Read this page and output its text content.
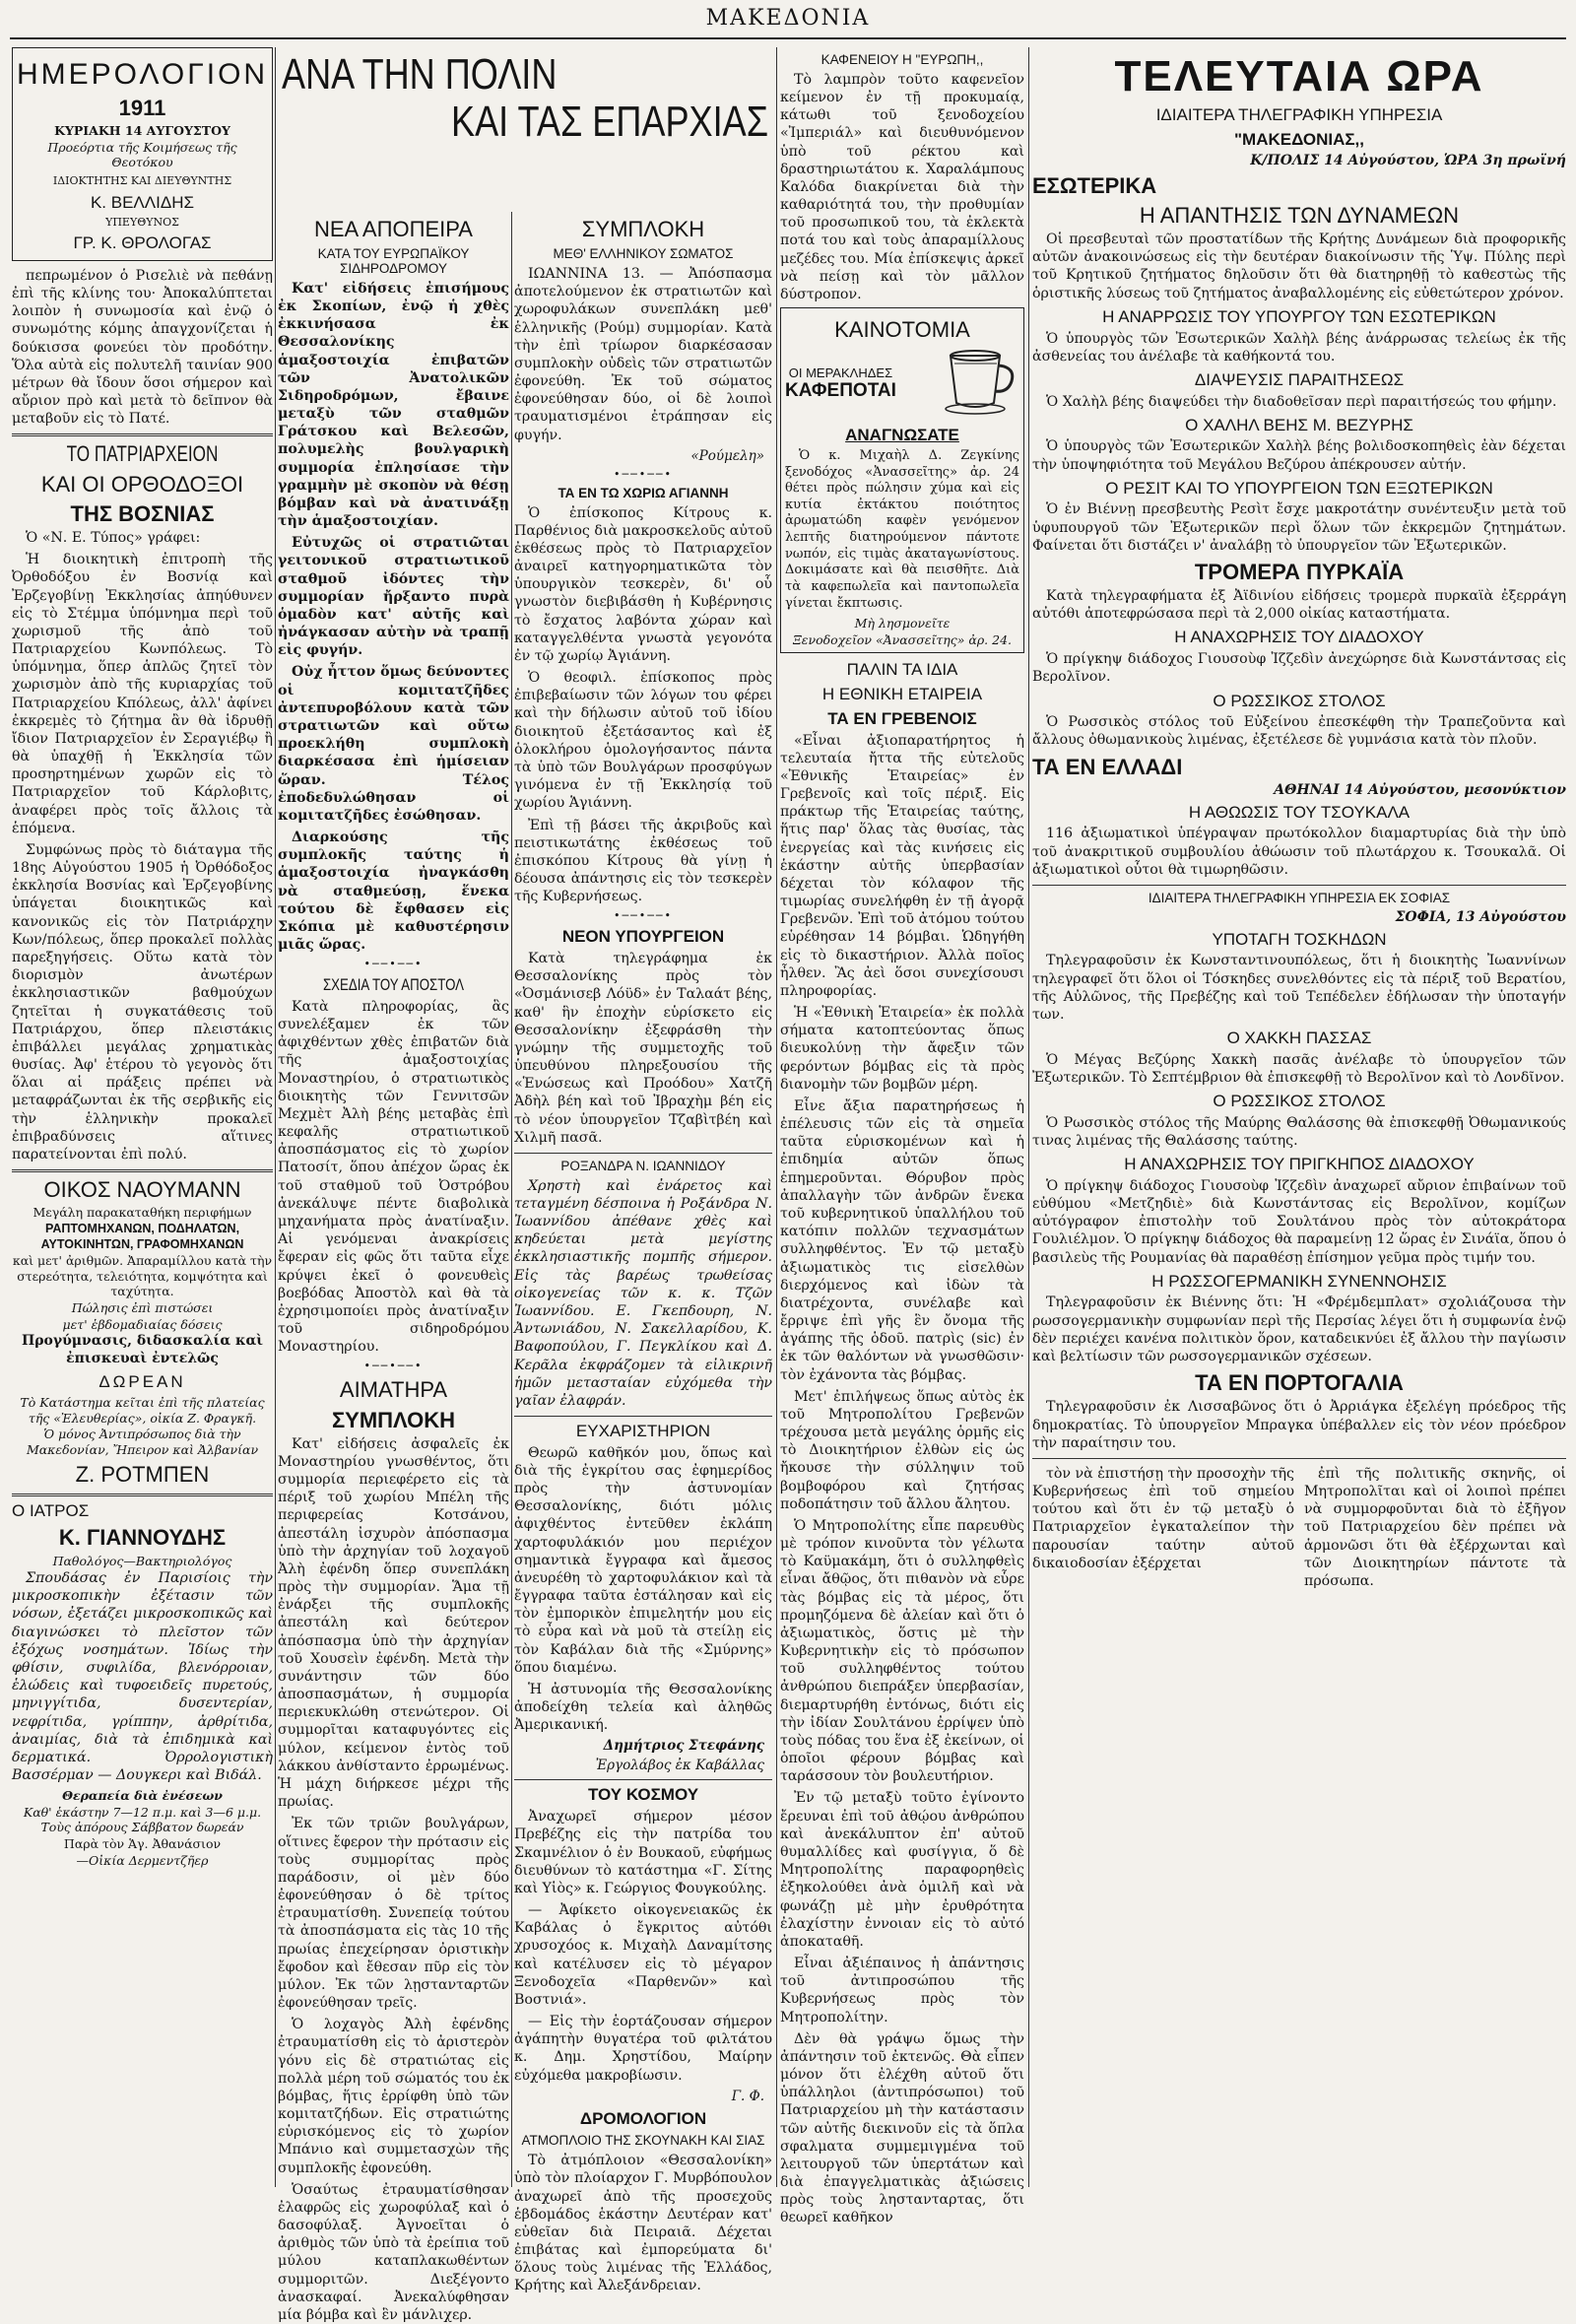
ΜΑΚΕΔΟΝΙΑ
ΗΜΕΡΟΛΟΓΙΟΝ
1911
ΚΥΡΙΑΚΗ 14 ΑΥΓΟΥΣΤΟΥ
Προεόρτια τῆς Κοιμήσεως τῆς Θεοτόκου
ΙΔΙΟΚΤΗΤΗΣ ΚΑΙ ΔΙΕΥΘΥΝΤΗΣ
Κ. ΒΕΛΛΙΔΗΣ
ΥΠΕΥΘΥΝΟΣ
ΓΡ. Κ. ΘΡΟΛΟΓΑΣ

πεπρωμένον ὁ Ρισελιὲ νὰ πεθάνῃ ἐπὶ τῆς κλίνης του· Ἀποκαλύπτεται λοιπὸν ἡ συνωμοσία καὶ ἐνῷ ὁ συνωμότης κόμης ἀπαγχονίζεται ἡ δούκισσα φονεύει τὸν προδότην. Ὅλα αὐτὰ εἰς πολυτελῆ ταινίαν 900 μέτρων θὰ ἴδουν ὅσοι σήμερον καὶ αὔριον πρὸ καὶ μετὰ τὸ δεῖπνον θὰ μεταβοῦν εἰς τὸ Πατέ.

ΤΟ ΠΑΤΡΙΑΡΧΕΙΟΝ
ΚΑΙ ΟΙ ΟΡΘΟΔΟΞΟΙ
ΤΗΣ ΒΟΣΝΙΑΣ

Ὁ «Ν. Ε. Τύπος» γράφει:

Ἡ διοικητικὴ ἐπιτροπὴ τῆς Ὀρθοδόξου ἐν Βοσνίᾳ καὶ Ἐρζεγοβίνῃ Ἐκκλησίας ἀπηύθυνεν εἰς τὸ Στέμμα ὑπόμνημα περὶ τοῦ χωρισμοῦ τῆς ἀπὸ τοῦ Πατριαρχείου Κωνπόλεως. Τὸ ὑπόμνημα, ὅπερ ἁπλῶς ζητεῖ τὸν χωρισμὸν ἀπὸ τῆς κυριαρχίας τοῦ Πατριαρχείου Κπόλεως, ἀλλ' ἀφίνει ἐκκρεμὲς τὸ ζήτημα ἂν θὰ ἱδρυθῇ ἴδιον Πατριαρχεῖον ἐν Σεραγιέβῳ ἢ θὰ ὑπαχθῇ ἡ Ἐκκλησία τῶν προσηρτημένων χωρῶν εἰς τὸ Πατριαρχεῖον τοῦ Κάρλοβιτς, ἀναφέρει πρὸς τοῖς ἄλλοις τὰ ἑπόμενα.

Συμφώνως πρὸς τὸ διάταγμα τῆς 18ης Αὐγούστου 1905 ἡ Ὀρθόδοξος ἐκκλησία Βοσνίας καὶ Ἐρζεγοβίνης ὑπάγεται διοικητικῶς καὶ κανονικῶς εἰς τὸν Πατριάρχην Κων/πόλεως, ὅπερ προκαλεῖ πολλὰς παρεξηγήσεις. Οὕτω κατὰ τὸν διορισμὸν ἀνωτέρων ἐκκλησιαστικῶν βαθμούχων ζητεῖται ἡ συγκατάθεσις τοῦ Πατριάρχου, ὅπερ πλειστάκις ἐπιβάλλει μεγάλας χρηματικὰς θυσίας. Ἀφ' ἑτέρου τὸ γεγονὸς ὅτι ὅλαι αἱ πράξεις πρέπει νὰ μεταφράζωνται ἐκ τῆς σερβικῆς εἰς τὴν ἑλληνικὴν προκαλεῖ ἐπιβραδύνσεις αἵτινες παρατείνονται ἐπὶ πολύ.

ΟΙΚΟΣ ΝΑΟΥΜΑΝΝ
Μεγάλη παρακαταθήκη περιφήμων
ΡΑΠΤΟΜΗΧΑΝΩΝ, ΠΟΔΗΛΑΤΩΝ, ΑΥΤΟΚΙΝΗΤΩΝ, ΓΡΑΦΟΜΗΧΑΝΩΝ
καὶ μετ' ἀριθμῶν. Ἀπαραμίλλου κατὰ τὴν στερεότητα, τελειότητα, κομψότητα καὶ ταχύτητα.
Πώλησις ἐπὶ πιστώσει
μετ' ἑβδομαδιαίας δόσεις
Προγύμνασις, διδασκαλία καὶ ἐπισκευαὶ ἐντελῶς
ΔΩΡΕΑΝ
Τὸ Κατάστημα κεῖται ἐπὶ τῆς πλατείας τῆς «Ἐλευθερίας», οἰκία Ζ. Φραγκῆ.
Ὁ μόνος Ἀντιπρόσωπος διὰ τὴν Μακεδονίαν, Ἤπειρον καὶ Ἀλβανίαν
Ζ. ΡΟΤΜΠΕΝ
Ο ΙΑΤΡΟΣ
Κ. ΓΙΑΝΝΟΥΔΗΣ
Παθολόγος—Βακτηριολόγος

Σπουδάσας ἐν Παρισίοις τὴν μικροσκοπικὴν ἐξέτασιν τῶν νόσων, ἐξετάζει μικροσκοπικῶς καὶ διαγινώσκει τὸ πλεῖστον τῶν ἐξόχως νοσημάτων. Ἰδίως τὴν φθίσιν, συφιλίδα, βλενόρροιαν, ἑλώδεις καὶ τυφοειδεῖς πυρετούς, μηνιγγίτιδα, δυσεντερίαν, νεφρίτιδα, γρίππην, ἀρθρίτιδα, ἀναιμίας, διὰ τὰ ἐπιδημικὰ καὶ δερματικά. Ὀρρολογιστικὴ Βασσέρμαν — Δουγκερι καὶ Βιδάλ.

Θεραπεία διὰ ἐνέσεων
Καθ' ἑκάστην 7—12 π.μ. καὶ 3—6 μ.μ. Τοὺς ἀπόρους Σάββατον δωρεάν
Παρὰ τὸν Ἁγ. Ἀθανάσιον
—Οἰκία Δερμεντζῆερ
ΑΝΑ ΤΗΝ ΠΟΛΙΝ
ΚΑΙ ΤΑΣ ΕΠΑΡΧΙΑΣ
ΝΕΑ ΑΠΟΠΕΙΡΑ
ΚΑΤΑ ΤΟΥ ΕΥΡΩΠΑΪΚΟΥ ΣΙΔΗΡΟΔΡΟΜΟΥ

Κατ' εἰδήσεις ἐπισήμους ἐκ Σκοπίων, ἐνῷ ἡ χθὲς ἐκκινήσασα ἐκ Θεσσαλονίκης ἁμαξοστοιχία ἐπιβατῶν τῶν Ἀνατολικῶν Σιδηροδρόμων, ἔβαινε μεταξὺ τῶν σταθμῶν Γράτσκου καὶ Βελεσῶν, πολυμελὴς βουλγαρικὴ συμμορία ἐπλησίασε τὴν γραμμὴν μὲ σκοπὸν νὰ θέσῃ βόμβαν καὶ νὰ ἀνατινάξῃ τὴν ἁμαξοστοιχίαν.

Εὐτυχῶς οἱ στρατιῶται γειτονικοῦ στρατιωτικοῦ σταθμοῦ ἰδόντες τὴν συμμορίαν ἤρξαντο πυρὰ ὁμαδὸν κατ' αὐτῆς καὶ ἠνάγκασαν αὐτὴν νὰ τραπῇ εἰς φυγήν.

Οὐχ ἧττον ὅμως δεύνοντες οἱ κομιτατζῆδες ἀντεπυροβόλουν κατὰ τῶν στρατιωτῶν καὶ οὕτω προεκλήθη συμπλοκὴ διαρκέσασα ἐπὶ ἡμίσειαν ὥραν. Τέλος ἐποδεδυλώθησαν οἱ κομιτατζῆδες ἐσώθησαν.

Διαρκούσης τῆς συμπλοκῆς ταύτης ἡ ἁμαξοστοιχία ἠναγκάσθη νὰ σταθμεύσῃ, ἕνεκα τούτου δὲ ἔφθασεν εἰς Σκόπια μὲ καθυστέρησιν μιᾶς ὥρας.

•──•──•
ΣΧΕΔΙΑ ΤΟΥ ΑΠΟΣΤΟΛ

Κατὰ πληροφορίας, ἃς συνελέξαμεν ἐκ τῶν ἀφιχθέντων χθὲς ἐπιβατῶν διὰ τῆς ἁμαξοστοιχίας Μοναστηρίου, ὁ στρατιωτικὸς διοικητὴς τῶν Γεννιτσῶν Μεχμὲτ Ἀλὴ βέης μεταβὰς ἐπὶ κεφαλῆς στρατιωτικοῦ ἀποσπάσματος εἰς τὸ χωρίον Πατοσίτ, ὅπου ἀπέχον ὥρας ἐκ τοῦ σταθμοῦ τοῦ Ὀστρόβου ἀνεκάλυψε πέντε διαβολικὰ μηχανήματα πρὸς ἀνατίναξιν. Αἱ γενόμεναι ἀνακρίσεις ἔφεραν εἰς φῶς ὅτι ταῦτα εἶχε κρύψει ἐκεῖ ὁ φονευθεὶς βοεβόδας Ἀποστὸλ καὶ θὰ τὰ ἐχρησιμοποίει πρὸς ἀνατίναξιν τοῦ σιδηροδρόμου Μοναστηρίου.

•──•──•
ΑΙΜΑΤΗΡΑ
ΣΥΜΠΛΟΚΗ

Κατ' εἰδήσεις ἀσφαλεῖς ἐκ Μοναστηρίου γνωσθέντος, ὅτι συμμορία περιεφέρετο εἰς τὰ πέριξ τοῦ χωρίου Μπέλη τῆς περιφερείας Κοτσάνου, ἀπεστάλη ἰσχυρὸν ἀπόσπασμα ὑπὸ τὴν ἀρχηγίαν τοῦ λοχαγοῦ Ἀλὴ ἐφένδη ὅπερ συνεπλάκη πρὸς τὴν συμμορίαν. Ἅμα τῇ ἐνάρξει τῆς συμπλοκῆς ἀπεστάλη καὶ δεύτερον ἀπόσπασμα ὑπὸ τὴν ἀρχηγίαν τοῦ Χουσεὶν ἐφένδη. Μετὰ τὴν συνάντησιν τῶν δύο ἀποσπασμάτων, ἡ συμμορία περιεκυκλώθη στενώτερον. Οἱ συμμορῖται καταφυγόντες εἰς μύλον, κείμενον ἐντὸς τοῦ λάκκου ἀνθίσταντο ἐρρωμένως. Ἡ μάχη διήρκεσε μέχρι τῆς πρωίας.

Ἐκ τῶν τριῶν βουλγάρων, οἵτινες ἔφερον τὴν πρότασιν εἰς τοὺς συμμορίτας πρὸς παράδοσιν, οἱ μὲν δύο ἐφονεύθησαν ὁ δὲ τρίτος ἐτραυματίσθη. Συνεπείᾳ τούτου τὰ ἀποσπάσματα εἰς τὰς 10 τῆς πρωίας ἐπεχείρησαν ὀριστικὴν ἔφοδον καὶ ἔθεσαν πῦρ εἰς τὸν μύλον. Ἐκ τῶν λῃστανταρτῶν ἐφονεύθησαν τρεῖς.

Ὁ λοχαγὸς Ἀλὴ ἐφένδης ἐτραυματίσθη εἰς τὸ ἀριστερὸν γόνυ εἰς δὲ στρατιώτας εἰς πολλὰ μέρη τοῦ σώματός του ἐκ βόμβας, ἥτις ἐρρίφθη ὑπὸ τῶν κομιτατζήδων. Εἰς στρατιώτης εὑρισκόμενος εἰς τὸ χωρίον Μπάνιο καὶ συμμετασχὼν τῆς συμπλοκῆς ἐφονεύθη.

Ὁσαύτως ἐτραυματίσθησαν ἐλαφρῶς εἰς χωροφύλαξ καὶ ὁ δασοφύλαξ. Ἀγνοεῖται ὁ ἀριθμὸς τῶν ὑπὸ τὰ ἐρείπια τοῦ μύλου καταπλακωθέντων συμμοριτῶν. Διεξέγοντο ἀνασκαφαί. Ἀνεκαλύφθησαν μία βόμβα καὶ ἓν μάνλιχερ.

ΣΥΜΠΛΟΚΗ
ΜΕΘ' ΕΛΛΗΝΙΚΟΥ ΣΩΜΑΤΟΣ

ΙΩΑΝΝΙΝΑ 13. — Ἀπόσπασμα ἀποτελούμενον ἐκ στρατιωτῶν καὶ χωροφυλάκων συνεπλάκη μεθ' ἑλληνικῆς (Ρούμ) συμμορίαν. Κατὰ τὴν ἐπὶ τρίωρον διαρκέσασαν συμπλοκὴν οὐδεὶς τῶν στρατιωτῶν ἐφονεύθη. Ἐκ τοῦ σώματος ἐφονεύθησαν δύο, οἱ δὲ λοιποὶ τραυματισμένοι ἐτράπησαν εἰς φυγήν.

«Ρούμελη»
•──•──•
ΤΑ ΕΝ ΤΩ ΧΩΡΙΩ ΑΓΙΑΝΝΗ

Ὁ ἐπίσκοπος Κίτρους κ. Παρθένιος διὰ μακροσκελοῦς αὐτοῦ ἐκθέσεως πρὸς τὸ Πατριαρχεῖον ἀναιρεῖ κατηγορηματικῶτα τὸν ὑπουργικὸν τεσκερὲν, δι' οὗ γνωστὸν διεβιβάσθη ἡ Κυβέρνησις τὸ ἔσχατος λαβόντα χώραν καὶ καταγγελθέντα γνωστὰ γεγονότα ἐν τῷ χωρίῳ Ἀγιάννη.

Ὁ θεοφιλ. ἐπίσκοπος πρὸς ἐπιβεβαίωσιν τῶν λόγων του φέρει καὶ τὴν δήλωσιν αὐτοῦ τοῦ ἰδίου διοικητοῦ ἐξετάσαντος καὶ ἐξ ὁλοκλήρου ὁμολογήσαντος πάντα τὰ ὑπὸ τῶν Βουλγάρων προσφύγων γινόμενα ἐν τῇ Ἐκκλησίᾳ τοῦ χωρίου Ἁγιάννη.

Ἐπὶ τῇ βάσει τῆς ἀκριβοῦς καὶ πειστικωτάτης ἐκθέσεως τοῦ ἐπισκόπου Κίτρους θὰ γίνῃ ἡ δέουσα ἀπάντησις εἰς τὸν τεσκερὲν τῆς Κυβερνήσεως.

•──•──•
ΝΕΟΝ ΥΠΟΥΡΓΕΙΟΝ

Κατὰ τηλεγράφημα ἐκ Θεσσαλονίκης πρὸς τὸν «Ὀσμάνισεβ Λόϋδ» ἐν Ταλαάτ βέης, καθ' ἣν ἐποχὴν εὑρίσκετο εἰς Θεσσαλονίκην ἐξεφράσθη τὴν γνώμην τῆς συμμετοχῆς τοῦ ὑπευθύνου πληρεξουσίου τῆς «Ἑνώσεως καὶ Προόδου» Χατζῆ Ἀδὴλ βέη καὶ τοῦ Ἰβραχὴμ βέη εἰς τὸ νέον ὑπουργεῖον Τζαβὶτβέη καὶ Χιλμῆ πασᾶ.

ΡΟΞΑΝΔΡΑ Ν. ΙΩΑΝΝΙΔΟΥ

Χρηστὴ καὶ ἐνάρετος καὶ τεταγμένη δέσποινα ἡ Ροξάνδρα Ν. Ἰωαννίδου ἀπέθανε χθὲς καὶ κηδεύεται μετὰ μεγίστης ἐκκλησιαστικῆς πομπῆς σήμερον. Εἰς τὰς βαρέως τρωθείσας οἰκογενείας τῶν κ. κ. Τζῶν Ἰωαννίδου. Ε. Γκεπδουρη, Ν. Ἀντωνιάδου, Ν. Σακελλαρίδου, Κ. Βαφοπούλου, Γ. Πεγκλίκου καὶ Δ. Κερᾶλα ἐκφράζομεν τὰ εἰλικρινῆ ἡμῶν μετασταίαν εὐχόμεθα τὴν γαῖαν ἐλαφράν.

ΕΥΧΑΡΙΣΤΗΡΙΟΝ

Θεωρῶ καθῆκόν μου, ὅπως καὶ διὰ τῆς ἐγκρίτου σας ἐφημερίδος πρὸς τὴν ἀστυνομίαν Θεσσαλονίκης, διότι μόλις ἀφιχθέντος ἐντεῦθεν ἐκλάπη χαρτοφυλάκιόν μου περιέχον σημαντικὰ ἔγγραφα καὶ ἄμεσος ἀνευρέθη τὸ χαρτοφυλάκιον καὶ τὰ ἔγγραφα ταῦτα ἐστάλησαν καὶ εἰς τὸν ἐμπορικὸν ἐπιμελητήν μου εἰς τὸ εὖρα καὶ νὰ μοῦ τὰ στείλῃ εἰς τὸν Καβάλαν διὰ τῆς «Σμύρνης» ὅπου διαμένω.

Ἡ ἀστυνομία τῆς Θεσσαλονίκης ἀποδείχθη τελεία καὶ ἀληθῶς Ἀμερικανική.

Δημήτριος Στεφάνης
Ἐργολάβος ἐκ Καβάλλας
ΤΟΥ ΚΟΣΜΟΥ

Ἀναχωρεῖ σήμερον μέσον Πρεβέζης εἰς τὴν πατρίδα του Σκαμνέλιον ὁ ἐν Βουκαοῦ, εὐφήμως διευθύνων τὸ κατάστημα «Γ. Σίτης καὶ Υἱὸς» κ. Γεώργιος Φουγκούλης.

— Ἀφίκετο οἰκογενειακῶς ἐκ Καβάλας ὁ ἔγκριτος αὐτόθι χρυσοχόος κ. Μιχαὴλ Δαναμίτσης καὶ κατέλυσεν εἰς τὸ μέγαρον Ξενοδοχεῖα «Παρθενῶν» καὶ Βοστνιά».

— Εἰς τὴν ἑορτάζουσαν σήμερον ἀγάπητὴν θυγατέρα τοῦ φιλτάτου κ. Δημ. Χρηστίδου, Μαίρην εὐχόμεθα μακροβίωσιν.

Γ. Φ.
ΔΡΟΜΟΛΟΓΙΟΝ
ΑΤΜΟΠΛΟΙΟ ΤΗΣ ΣΚΟΥΝΑΚΗ ΚΑΙ ΣΙΑΣ

Τὸ ἀτμόπλοιον «Θεσσαλονίκη» ὑπὸ τὸν πλοίαρχον Γ. Μυρβόπουλον ἀναχωρεῖ ἀπὸ τῆς προσεχοῦς ἑβδομάδος ἑκάστην Δευτέραν κατ' εὐθεῖαν διὰ Πειραιᾶ. Δέχεται ἐπιβάτας καὶ ἐμπορεύματα δι' ὅλους τοὺς λιμένας τῆς Ἑλλάδος, Κρήτης καὶ Ἀλεξάνδρειαν.

ΚΑΦΕΝΕΙΟΥ Η "ΕΥΡΩΠΗ,,

Τὸ λαμπρὸν τοῦτο καφενεῖον κείμενον ἐν τῇ προκυμαίᾳ, κάτωθι τοῦ ξενοδοχείου «Ἰμπεριάλ» καὶ διευθυνόμενον ὑπὸ τοῦ ρέκτου καὶ δραστηριωτάτου κ. Χαραλάμπους Καλόδα διακρίνεται διὰ τὴν καθαριότητά του, τὴν προθυμίαν τοῦ προσωπικοῦ του, τὰ ἐκλεκτὰ ποτά του καὶ τοὺς ἀπαραμίλλους μεζέδες του. Μία ἐπίσκεψις ἀρκεῖ νὰ πείσῃ καὶ τὸν μᾶλλον δύστροπον.

ΚΑΙΝΟΤΟΜΙΑ
ΟΙ ΜΕΡΑΚΛΗΔΕΣ
ΚΑΦΕΠΟΤΑΙ
ΑΝΑΓΝΩΣΑΤΕ

Ὁ κ. Μιχαὴλ Δ. Ζεγκίνης ξενοδόχος «Ἀνασσεῖτης» ἀρ. 24 θέτει πρὸς πώλησιν χύμα καὶ εἰς κυτία ἐκτάκτου ποιότητος ἀρωματώδη καφὲν γενόμενον λεπτῆς διατηρούμενον πάντοτε νωπόν, εἰς τιμὰς ἀκαταγωνίστους. Δοκιμάσατε καὶ θὰ πεισθῆτε. Διὰ τὰ καφεπωλεῖα καὶ παντοπωλεῖα γίνεται ἔκπτωσις.

Μὴ λησμονεῖτε
Ξενοδοχεῖον «Ἀνασσεῖτης» ἀρ. 24.
ΠΑΛΙΝ ΤΑ ΙΔΙΑ
Η ΕΘΝΙΚΗ ΕΤΑΙΡΕΙΑ
ΤΑ ΕΝ ΓΡΕΒΕΝΟΙΣ

«Εἶναι ἀξιοπαρατήρητος ἡ τελευταία ἤττα τῆς εὐτελοῦς «Ἐθνικῆς Ἑταιρείας» ἐν Γρεβενοῖς καὶ τοῖς πέριξ. Εἰς πράκτωρ τῆς Ἑταιρείας ταύτης, ἥτις παρ' ὅλας τὰς θυσίας, τὰς ἐνεργείας καὶ τὰς κινήσεις εἰς ἑκάστην αὐτῆς ὑπερβασίαν δέχεται τὸν κόλαφον τῆς τιμωρίας συνελήφθη ἐν τῇ ἀγορᾷ Γρεβενῶν. Ἐπὶ τοῦ ἀτόμου τούτου εὑρέθησαν 14 βόμβαι. Ὡδηγήθη εἰς τὸ δικαστήριον. Ἀλλὰ ποῖος ἦλθεν. Ἂς ἀεὶ ὅσοι συνεχίσουσι πληροφορίας.

Ἡ «Ἐθνικὴ Ἑταιρεία» ἐκ πολλὰ σήματα κατοπτεύοντας ὅπως διευκολύνῃ τὴν ἄφεξιν τῶν φερόντων βόμβας εἰς τὰ πρὸς διανομὴν τῶν βομβῶν μέρη.

Εἶνε ἄξια παρατηρήσεως ἡ ἐπέλευσις τῶν εἰς τὰ σημεῖα ταῦτα εὑρισκομένων καὶ ἡ ἐπιδημία αὐτῶν ὅπως ἐπημεροῦνται. Θόρυβον πρὸς ἀπαλλαγὴν τῶν ἀνδρῶν ἔνεκα τοῦ κυβερνητικοῦ ὑπαλλήλου τοῦ κατόπιν πολλῶν τεχνασμάτων συλληφθέντος. Ἐν τῷ μεταξὺ ἀξιωματικὸς τις εἰσελθὼν διερχόμενος καὶ ἰδὼν τὰ διατρέχοντα, συνέλαβε καὶ ἔρριψε ἐπὶ γῆς ἓν ὄνομα τῆς ἀγάπης τῆς ὁδοῦ. πατρὶς (sic) ἐν ἐκ τῶν θαλόντων νὰ γνωσθῶσιν· τὸν ἐχάνοντα τὰς βόμβας.

Μετ' ἐπιλήψεως ὅπως αὐτὸς ἐκ τοῦ Μητροπολίτου Γρεβενῶν τρέχουσα μετὰ μεγάλης ὁρμῆς εἰς τὸ Διοικητήριον ἐλθὼν εἰς ὡς ἤκουσε τὴν σύλληψιν τοῦ βομβοφόρου καὶ ζητήσας ποδοπάτησιν τοῦ ἄλλου ἄλητου.

Ὁ Μητροπολίτης εἶπε παρευθὺς μὲ τρόπον κινοῦντα τὸν γέλωτα τὸ Καϋμακάμη, ὅτι ὁ συλληφθεὶς εἶναι ἄθῷος, ὅτι πιθανὸν νὰ εὗρε τὰς βόμβας εἰς τὰ μέρος, ὅτι προμηζόμενα δὲ ἀλείαν καὶ ὅτι ὁ ἀξιωματικὸς, ὅστις μὲ τὴν Κυβερνητικὴν εἰς τὸ πρόσωπον τοῦ συλληφθέντος τούτου ἀνθρώπου διεπράξεν ὑπερβασίαν, διεμαρτυρήθη ἐντόνως, διότι εἰς τὴν ἰδίαν Σουλτάνου ἐρρίψεν ὑπὸ τοὺς πόδας του ἕνα ἐξ ἐκείνων, οἱ ὁποῖοι φέρουν βόμβας καὶ ταράσσουν τὸν βουλευτήριον.

Ἐν τῷ μεταξὺ τοῦτο ἐγίνοντο ἔρευναι ἐπὶ τοῦ ἀθῴου ἀνθρώπου καὶ ἀνεκάλυπτον ἐπ' αὐτοῦ θυμαλλίδες καὶ φυσίγγια, ὅ δὲ Μητροπολίτης παραφορηθεὶς ἐξηκολούθει ἀνὰ ὁμιλῆ καὶ νὰ φωνάζῃ μὲ μὴν ἐρυθρότητα ἐλαχίστην ἐννοιαν εἰς τὸ αὐτό ἀποκαταθῆ.

Εἶναι ἀξιέπαινος ἡ ἀπάντησις τοῦ ἀντιπροσώπου τῆς Κυβερνήσεως πρὸς τὸν Μητροπολίτην.

Δὲν θὰ γράψω ὅμως τὴν ἀπάντησιν τοῦ ἐκτενῶς. Θὰ εἶπεν μόνον ὅτι ἐλέχθη αὐτοῦ ὅτι ὑπάλληλοι (ἀντιπρόσωποι) τοῦ Πατριαρχείου μὴ τὴν κατάστασιν τῶν αὐτῆς διεκινοῦν εἰς τὰ ὅπλα σφαλματα συμμεμιγμένα τοῦ λειτουργοῦ τῶν ὑπερτάτων καὶ διὰ ἐπαγγελματικὰς ἀξιώσεις πρὸς τοὺς ληστανταρτας, ὅτι θεωρεῖ καθῆκον

ΤΕΛΕΥΤΑΙΑ ΩΡΑ
ΙΔΙΑΙΤΕΡΑ ΤΗΛΕΓΡΑΦΙΚΗ ΥΠΗΡΕΣΙΑ
"ΜΑΚΕΔΟΝΙΑΣ,,
Κ/ΠΟΛΙΣ 14 Αὐγούστου, ὩΡΑ 3η πρωϊνή
ΕΣΩΤΕΡΙΚΑ
Η ΑΠΑΝΤΗΣΙΣ ΤΩΝ ΔΥΝΑΜΕΩΝ

Οἱ πρεσβευταὶ τῶν προστατίδων τῆς Κρήτης Δυνάμεων διὰ προφορικῆς αὐτῶν ἀνακοινώσεως εἰς τὴν δευτέραν διακοίνωσιν τῆς Ὑψ. Πύλης περὶ τοῦ Κρητικοῦ ζητήματος δηλοῦσιν ὅτι θὰ διατηρηθῇ τὸ καθεστὼς τῆς ὁριστικῆς λύσεως τοῦ ζητήματος ἀναβαλλομένης εἰς εὐθετώτερον χρόνον.

Η ΑΝΑΡΡΩΣΙΣ ΤΟΥ ΥΠΟΥΡΓΟΥ ΤΩΝ ΕΣΩΤΕΡΙΚΩΝ

Ὁ ὑπουργὸς τῶν Ἐσωτερικῶν Χαλὴλ βέης ἀνάρρωσας τελείως ἐκ τῆς ἀσθενείας του ἀνέλαβε τὰ καθήκοντά του.

ΔΙΑΨΕΥΣΙΣ ΠΑΡΑΙΤΗΣΕΩΣ

Ὁ Χαλὴλ βέης διαψεύδει τὴν διαδοθεῖσαν περὶ παραιτήσεώς του φήμην.

Ο ΧΑΛΗΛ ΒΕΗΣ Μ. ΒΕΖΥΡΗΣ

Ὁ ὑπουργὸς τῶν Ἐσωτερικῶν Χαλὴλ βέης βολιδοσκοπηθεὶς ἐὰν δέχεται τὴν ὑποψηφιότητα τοῦ Μεγάλου Βεζύρου ἀπέκρουσεν αὐτήν.

Ο ΡΕΣΙΤ ΚΑΙ ΤΟ ΥΠΟΥΡΓΕΙΟΝ ΤΩΝ ΕΞΩΤΕΡΙΚΩΝ

Ὁ ἐν Βιέννῃ πρεσβευτὴς Ρεσὶτ ἔσχε μακροτάτην συνέντευξιν μετὰ τοῦ ὑφυπουργοῦ τῶν Ἐξωτερικῶν περὶ ὅλων τῶν ἐκκρεμῶν ζητημάτων. Φαίνεται ὅτι διστάζει ν' ἀναλάβῃ τὸ ὑπουργεῖον τῶν Ἐξωτερικῶν.

ΤΡΟΜΕΡΑ ΠΥΡΚΑΪΑ

Κατὰ τηλεγραφήματα ἐξ Ἀϊδινίου εἰδήσεις τρομερὰ πυρκαϊὰ ἐξερράγη αὐτόθι ἀποτεφρώσασα περὶ τὰ 2,000 οἰκίας καταστήματα.

Η ΑΝΑΧΩΡΗΣΙΣ ΤΟΥ ΔΙΑΔΟΧΟΥ

Ὁ πρίγκηψ διάδοχος Γιουσοὺφ Ἰζζεδὶν ἀνεχώρησε διὰ Κωνστάντσας εἰς Βερολῖνον.

Ο ΡΩΣΣΙΚΟΣ ΣΤΟΛΟΣ

Ὁ Ρωσσικὸς στόλος τοῦ Εὐξείνου ἐπεσκέφθη τὴν Τραπεζοῦντα καὶ ἄλλους ὀθωμανικοὺς λιμένας, ἐξετέλεσε δὲ γυμνάσια κατὰ τὸν πλοῦν.

ΤΑ ΕΝ ΕΛΛΑΔΙ
ΑΘΗΝΑΙ 14 Αὐγούστου, μεσονύκτιον
Η ΑΘΩΩΣΙΣ ΤΟΥ ΤΣΟΥΚΑΛΑ

116 ἀξιωματικοὶ ὑπέγραψαν πρωτόκολλον διαμαρτυρίας διὰ τὴν ὑπὸ τοῦ ἀνακριτικοῦ συμβουλίου ἀθώωσιν τοῦ πλωτάρχου κ. Τσουκαλᾶ. Οἱ ἀξιωματικοὶ οὗτοι θὰ τιμωρηθῶσιν.

ΙΔΙΑΙΤΕΡΑ ΤΗΛΕΓΡΑΦΙΚΗ ΥΠΗΡΕΣΙΑ ΕΚ ΣΟΦΙΑΣ
ΣΟΦΙΑ, 13 Αὐγούστου
ΥΠΟΤΑΓΗ ΤΟΣΚΗΔΩΝ

Τηλεγραφοῦσιν ἐκ Κωνσταντινουπόλεως, ὅτι ἡ διοικητὴς Ἰωαννίνων τηλεγραφεῖ ὅτι ὅλοι οἱ Τόσκηδες συνελθόντες εἰς τὰ πέριξ τοῦ Βερατίου, τῆς Αὐλῶνος, τῆς Πρεβέζης καὶ τοῦ Τεπέδελεν ἐδήλωσαν τὴν ὑποταγήν των.

Ο ΧΑΚΚΗ ΠΑΣΣΑΣ

Ὁ Μέγας Βεζύρης Χακκὴ πασᾶς ἀνέλαβε τὸ ὑπουργεῖον τῶν Ἐξωτερικῶν. Τὸ Σεπτέμβριον θὰ ἐπισκεφθῇ τὸ Βερολῖνον καὶ τὸ Λονδῖνον.

Ο ΡΩΣΣΙΚΟΣ ΣΤΟΛΟΣ

Ὁ Ρωσσικὸς στόλος τῆς Μαύρης Θαλάσσης θὰ ἐπισκεφθῇ Ὀθωμανικούς τινας λιμένας τῆς Θαλάσσης ταύτης.

Η ΑΝΑΧΩΡΗΣΙΣ ΤΟΥ ΠΡΙΓΚΗΠΟΣ ΔΙΑΔΟΧΟΥ

Ὁ πρίγκηψ διάδοχος Γιουσοὺφ Ἰζζεδὶν ἀναχωρεῖ αὔριον ἐπιβαίνων τοῦ εὐθύμου «Μετζηδιὲ» διὰ Κωνστάντσας εἰς Βερολῖνον, κομίζων αὐτόγραφον ἐπιστολὴν τοῦ Σουλτάνου πρὸς τὸν αὐτοκράτορα Γουλιέλμον. Ὁ πρίγκηψ διάδοχος θὰ παραμείνῃ 12 ὥρας ἐν Σινάϊα, ὅπου ὁ βασιλεὺς τῆς Ρουμανίας θὰ παραθέσῃ ἐπίσημον γεῦμα πρὸς τιμήν του.

Η ΡΩΣΣΟΓΕΡΜΑΝΙΚΗ ΣΥΝΕΝΝΟΗΣΙΣ

Τηλεγραφοῦσιν ἐκ Βιέννης ὅτι: Ἡ «Φρέμδεμπλατ» σχολιάζουσα τὴν ρωσσογερμανικὴν συμφωνίαν περὶ τῆς Περσίας λέγει ὅτι ἡ συμφωνία ἐνῷ δὲν περιέχει κανένα πολιτικὸν ὅρον, καταδεικνύει ἐξ ἄλλου τὴν παγίωσιν καὶ βελτίωσιν τῶν ρωσσογερμανικῶν σχέσεων.

ΤΑ ΕΝ ΠΟΡΤΟΓΑΛΙΑ

Τηλεγραφοῦσιν ἐκ Λισσαβῶνος ὅτι ὁ Ἀρριάγκα ἐξελέγη πρόεδρος τῆς δημοκρατίας. Τὸ ὑπουργεῖον Μπραγκα ὑπέβαλλεν εἰς τὸν νέον πρόεδρον τὴν παραίτησιν του.

τὸν νὰ ἐπιστήσῃ τὴν προσοχὴν τῆς Κυβερνήσεως ἐπὶ τοῦ σημείου τούτου καὶ ὅτι ἐν τῷ μεταξὺ ὁ Πατριαρχεῖον ἐγκαταλείπον τὴν παρουσίαν ταύτην αὐτοῦ δικαιοδοσίαν ἐξέρχεται

ἐπὶ τῆς πολιτικῆς σκηνῆς, οἱ Μητροπολῖται καὶ οἱ λοιποὶ πρέπει νὰ συμμορφοῦνται διὰ τὸ ἐξῆγον τοῦ Πατριαρχείου δὲν πρέπει νὰ ἁρμονῶσι ὅτι θὰ ἐξέρχωνται καὶ τῶν Διοικητηρίων πάντοτε τὰ πρόσωπα.
